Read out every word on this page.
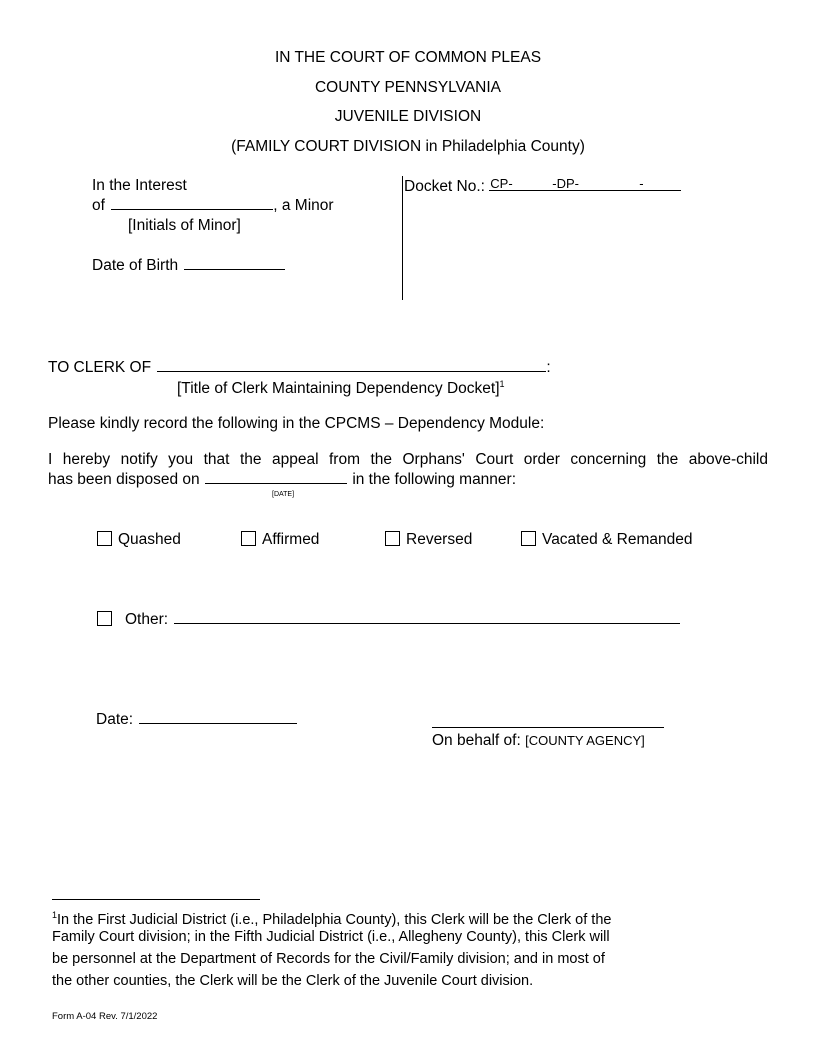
IN THE COURT OF COMMON PLEAS
COUNTY PENNSYLVANIA
JUVENILE DIVISION
(FAMILY COURT DIVISION in Philadelphia County)
In the Interest
of	, a Minor
[Initials of Minor]
Date of Birth
Docket No.: CP-	-DP-	-
TO CLERK OF	:
[Title of Clerk Maintaining Dependency Docket]$^1$
Please kindly record the following in the CPCMS – Dependency Module:
I hereby notify you that the appeal from the Orphans' Court order concerning the above-child
has been disposed on	in the following manner:
[DATE]
Quashed	Affirmed	Reversed	Vacated & Remanded
Other:
Date:
On behalf of: [COUNTY AGENCY]
$^1$In the First Judicial District (i.e., Philadelphia County), this Clerk will be the Clerk of the
Family Court division; in the Fifth Judicial District (i.e., Allegheny County), this Clerk will
be personnel at the Department of Records for the Civil/Family division; and in most of
the other counties, the Clerk will be the Clerk of the Juvenile Court division.
Form A-04 Rev. 7/1/2022
